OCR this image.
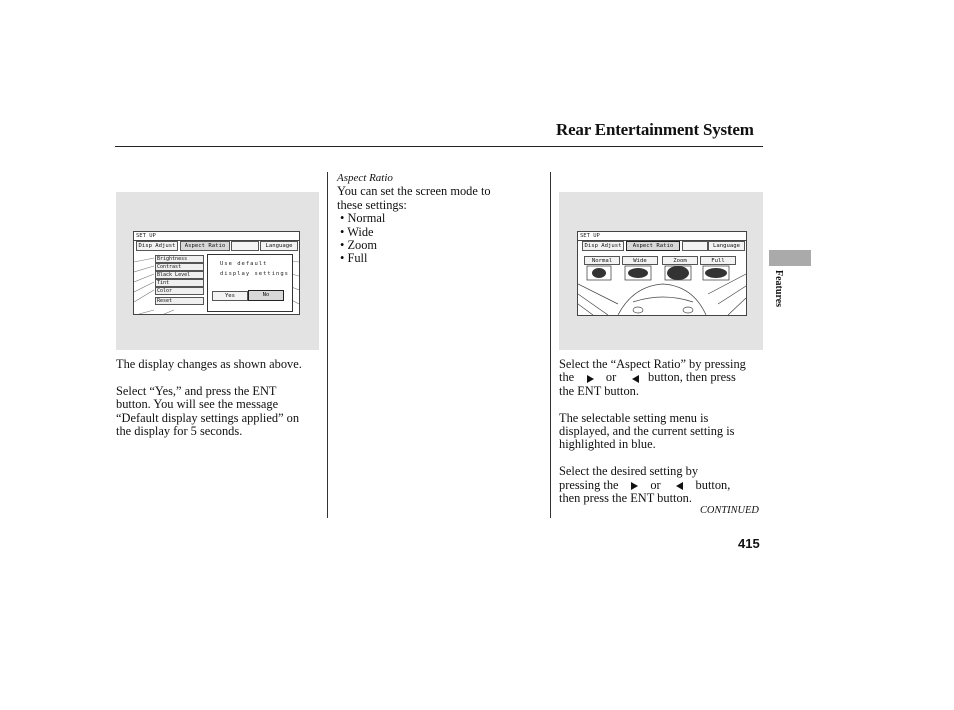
Rear Entertainment System
SET UP
Disp Adjust	Aspect Ratio	Language
Brightness
Contrast
Black Level
Tint
Color
Reset
Use default
display settings
Yes	No

The display changes as shown above.

Select “Yes,” and press the ENT
button. You will see the message
“Default display settings applied” on
the display for 5 seconds.

Aspect Ratio
You can set the screen mode to
these settings:
• Normal
• Wide
• Zoom
• Full
SET UP
Disp Adjust	Aspect Ratio	Language
Normal	Wide	Zoom	Full

Select the “Aspect Ratio” by pressing
the	or	button, then press
the ENT button.

The selectable setting menu is
displayed, and the current setting is
highlighted in blue.

Select the desired setting by
pressing the	or	button,
then press the ENT button.

CONTINUED
415
Features
